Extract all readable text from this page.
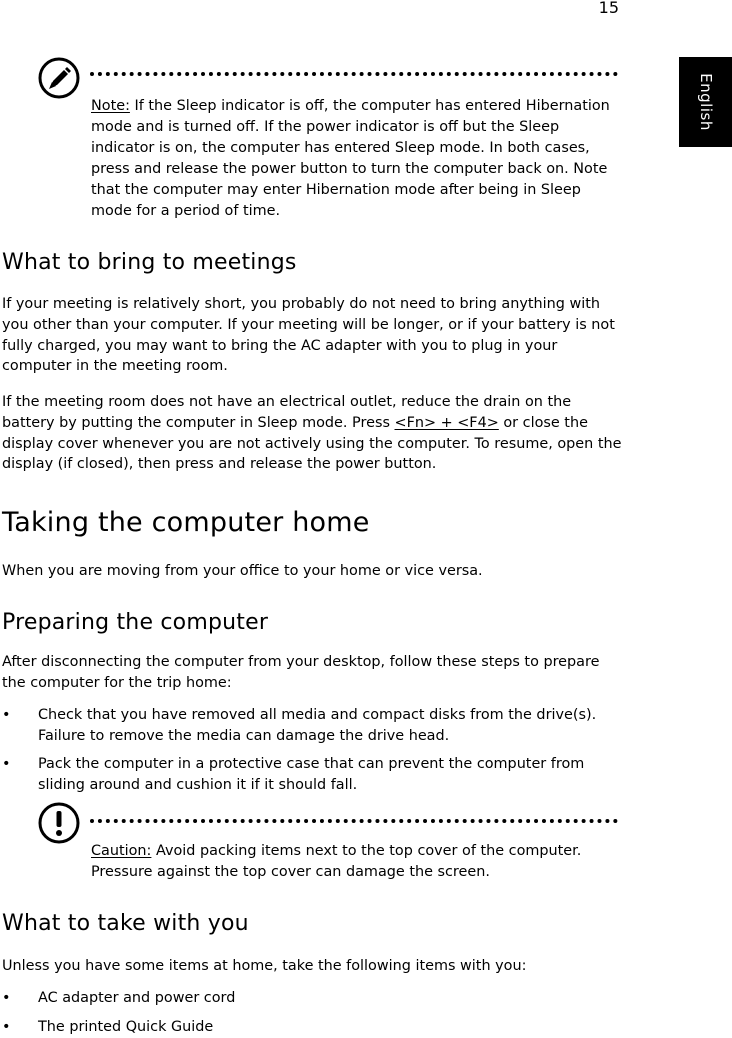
15
English
Note: If the Sleep indicator is off, the computer has entered Hibernation mode and is turned off. If the power indicator is off but the Sleep indicator is on, the computer has entered Sleep mode. In both cases, press and release the power button to turn the computer back on. Note that the computer may enter Hibernation mode after being in Sleep mode for a period of time.
What to bring to meetings

If your meeting is relatively short, you probably do not need to bring anything with you other than your computer. If your meeting will be longer, or if your battery is not fully charged, you may want to bring the AC adapter with you to plug in your computer in the meeting room.

If the meeting room does not have an electrical outlet, reduce the drain on the battery by putting the computer in Sleep mode. Press <Fn> + <F4> or close the display cover whenever you are not actively using the computer. To resume, open the display (if closed), then press and release the power button.

Taking the computer home

When you are moving from your office to your home or vice versa.

Preparing the computer

After disconnecting the computer from your desktop, follow these steps to prepare the computer for the trip home:

• Check that you have removed all media and compact disks from the drive(s). Failure to remove the media can damage the drive head.
• Pack the computer in a protective case that can prevent the computer from sliding around and cushion it if it should fall.
Caution: Avoid packing items next to the top cover of the computer. Pressure against the top cover can damage the screen.
What to take with you

Unless you have some items at home, take the following items with you:

• AC adapter and power cord
• The printed Quick Guide
